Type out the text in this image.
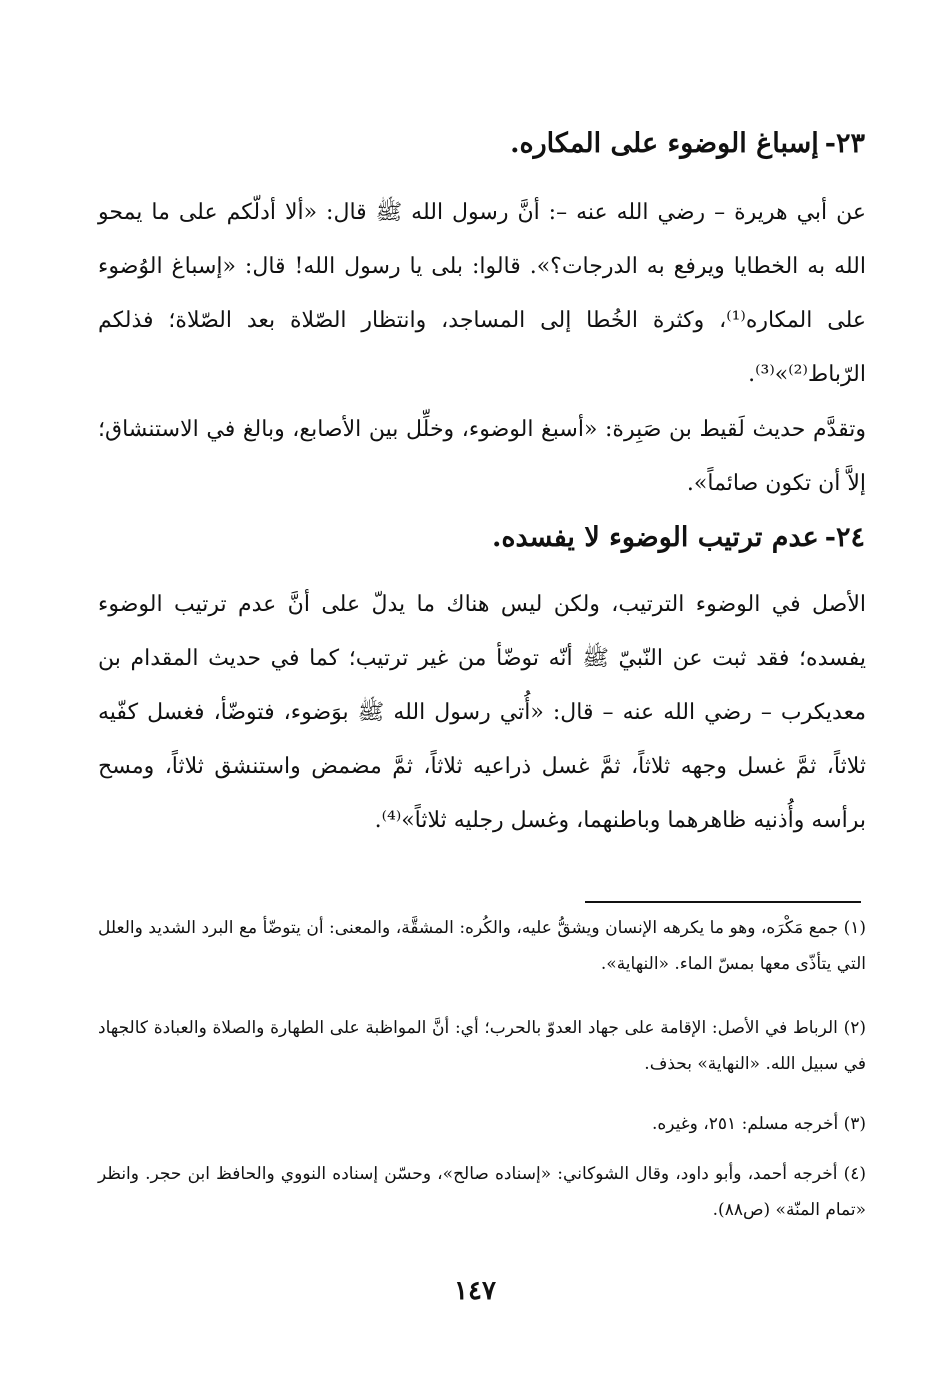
٢٣-إسباغ الوضوء على المكاره.
عن أبي هريرة – رضي الله عنه –: أنَّ رسول الله ﷺ قال: «ألا أدلّكم على ما يمحو الله به الخطايا ويرفع به الدرجات؟». قالوا: بلى يا رسول الله! قال: «إسباغ الوُضوء على المكاره⁽¹⁾، وكثرة الخُطا إلى المساجد، وانتظار الصّلاة بعد الصّلاة؛ فذلكم الرّباط⁽²⁾»⁽³⁾.
وتقدَّم حديث لَقيط بن صَبِرة: «أسبغ الوضوء، وخلِّل بين الأصابع، وبالغ في الاستنشاق؛ إلاَّ أن تكون صائماً».
٢٤-عدم ترتيب الوضوء لا يفسده.
الأصل في الوضوء الترتيب، ولكن ليس هناك ما يدلّ على أنَّ عدم ترتيب الوضوء يفسده؛ فقد ثبت عن النّبيّ ﷺ أنّه توضّأ من غير ترتيب؛ كما في حديث المقدام بن معديكرب – رضي الله عنه – قال: «أُتي رسول الله ﷺ بوَضوء، فتوضّأ، فغسل كفّيه ثلاثاً، ثمَّ غسل وجهه ثلاثاً، ثمَّ غسل ذراعيه ثلاثاً، ثمَّ مضمض واستنشق ثلاثاً، ومسح برأسه وأُذنيه ظاهرهما وباطنهما، وغسل رجليه ثلاثاً»⁽⁴⁾.
(١) جمع مَكْرَه، وهو ما يكرهه الإنسان ويشقُّ عليه، والكُره: المشقَّة، والمعنى: أن يتوضّأ مع البرد الشديد والعلل التي يتأذّى معها بمسّ الماء. «النهاية».
(٢) الرباط في الأصل: الإقامة على جهاد العدوّ بالحرب؛ أي: أنَّ المواظبة على الطهارة والصلاة والعبادة كالجهاد في سبيل الله. «النهاية» بحذف.
(٣) أخرجه مسلم: ٢٥١، وغيره.
(٤) أخرجه أحمد، وأبو داود، وقال الشوكاني: «إسناده صالح»، وحسّن إسناده النووي والحافظ ابن حجر. وانظر «تمام المنّة» (ص٨٨).
١٤٧
